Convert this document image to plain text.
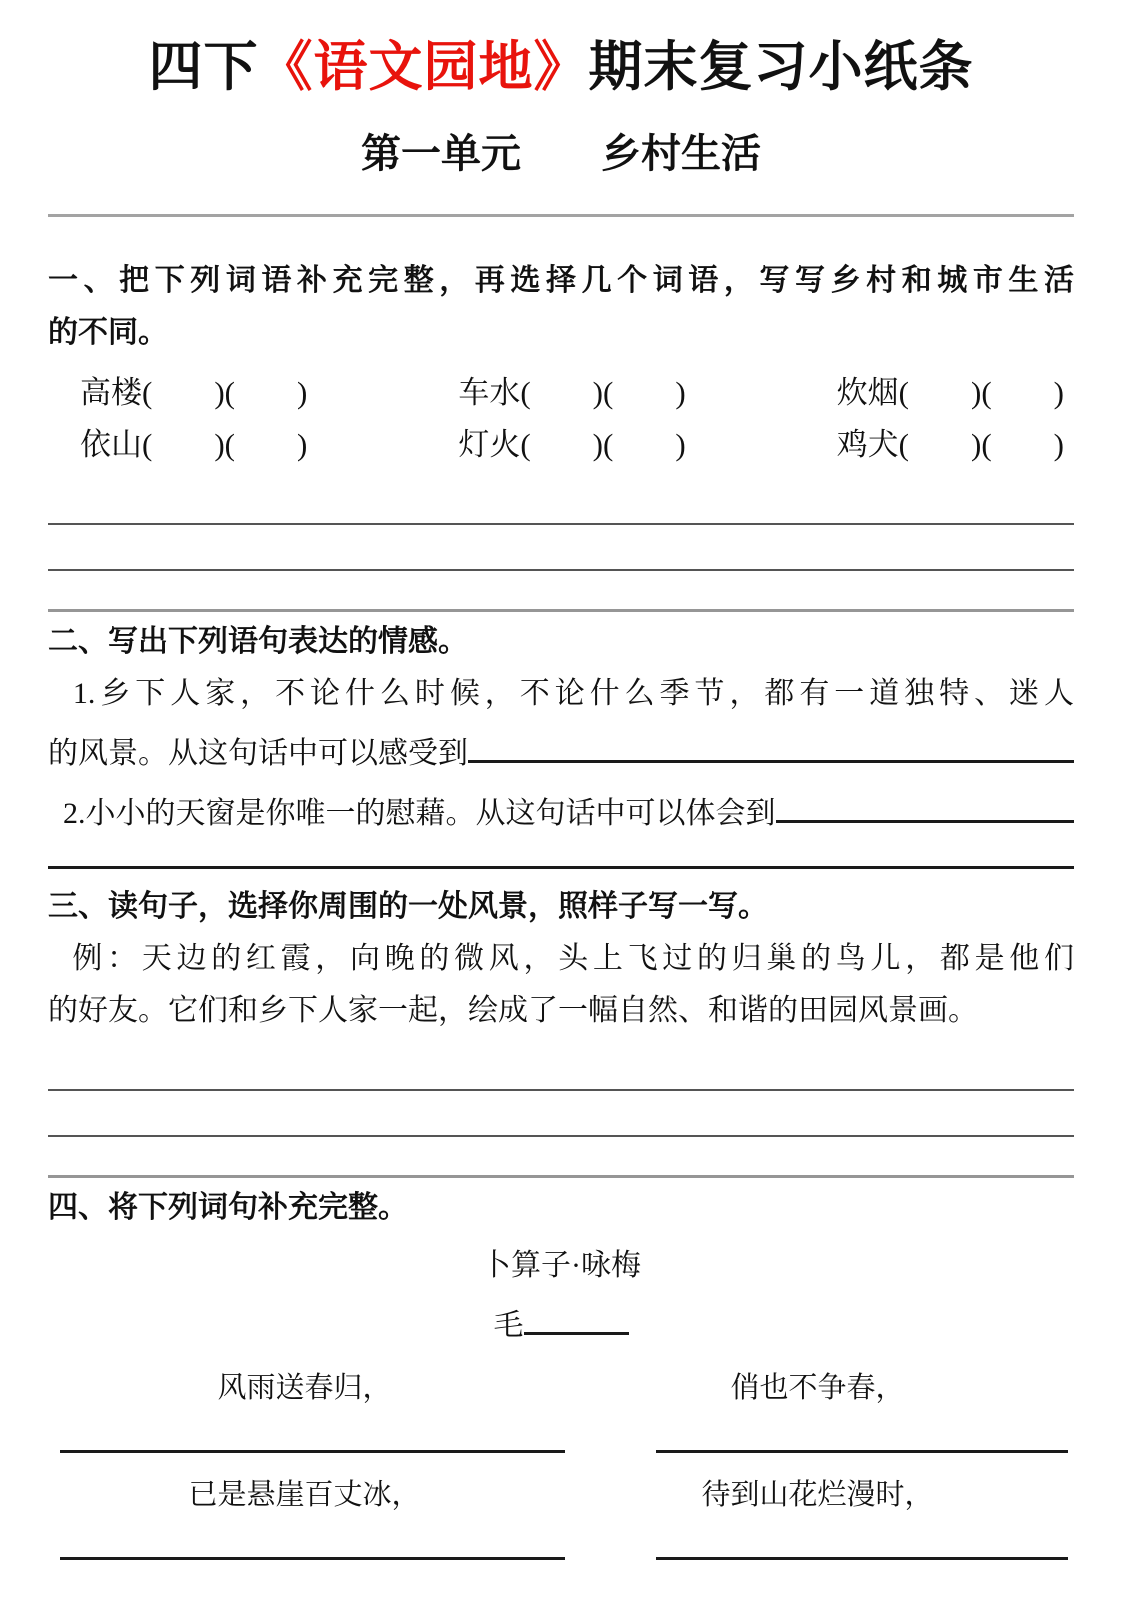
四下《语文园地》期末复习小纸条
第一单元　　乡村生活
一、把下列词语补充完整，再选择几个词语，写写乡村和城市生活
的不同。
高楼(　　)(　　)	车水(　　)(　　)	炊烟(　　)(　　)
依山(　　)(　　)	灯火(　　)(　　)	鸡犬(　　)(　　)
二、写出下列语句表达的情感。
1.乡下人家，不论什么时候，不论什么季节，都有一道独特、迷人
的风景。从这句话中可以感受到
2.小小的天窗是你唯一的慰藉。从这句话中可以体会到
三、读句子，选择你周围的一处风景，照样子写一写。
例：天边的红霞，向晚的微风，头上飞过的归巢的鸟儿，都是他们
的好友。它们和乡下人家一起，绘成了一幅自然、和谐的田园风景画。
四、将下列词句补充完整。
卜算子·咏梅
毛
风雨送春归，	俏也不争春，
已是悬崖百丈冰，	待到山花烂漫时，
